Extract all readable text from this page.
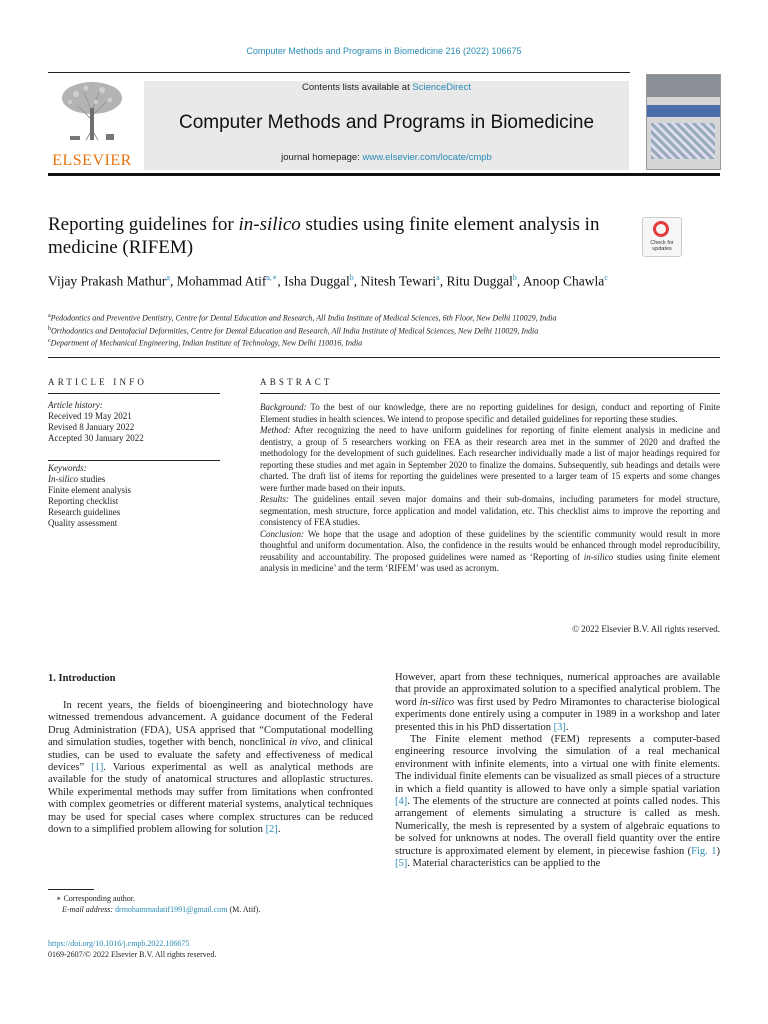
Computer Methods and Programs in Biomedicine 216 (2022) 106675
ELSEVIER
Contents lists available at ScienceDirect
Computer Methods and Programs in Biomedicine
journal homepage: www.elsevier.com/locate/cmpb
Reporting guidelines for in-silico studies using finite element analysis in medicine (RIFEM)	Check for
updates
Vijay Prakash Mathur$^a$, Mohammad Atif$^{a,∗}$, Isha Duggal$^b$, Nitesh Tewari$^a$, Ritu Duggal$^b$, Anoop Chawla$^c$
$^a$Pedodontics and Preventive Dentistry, Centre for Dental Education and Research, All India Institute of Medical Sciences, 6th Floor, New Delhi 110029, India
$^b$Orthodontics and Dentofacial Deformities, Centre for Dental Education and Research, All India Institute of Medical Sciences, New Delhi 110029, India
$^c$Department of Mechanical Engineering, Indian Institute of Technology, New Delhi 110016, India
ARTICLE INFO
Article history:
Received 19 May 2021
Revised 8 January 2022
Accepted 30 January 2022
Keywords:
In-silico studies
Finite element analysis
Reporting checklist
Research guidelines
Quality assessment
ABSTRACT

Background: To the best of our knowledge, there are no reporting guidelines for design, conduct and reporting of Finite Element studies in health sciences. We intend to propose specific and detailed guidelines for reporting these studies.

Method: After recognizing the need to have uniform guidelines for reporting of finite element analysis in medicine and dentistry, a group of 5 researchers working on FEA as their research area met in the summer of 2020 and drafted the methodology for the development of such guidelines. Each researcher individually made a list of major headings required for reporting these studies and met again in September 2020 to finalize the domains. Subsequently, sub headings and details were charted. The draft list of items for reporting the guidelines were presented to a larger team of 15 experts and some changes were further made based on their inputs.

Results: The guidelines entail seven major domains and their sub-domains, including parameters for model structure, segmentation, mesh structure, force application and model validation, etc. This checklist aims to improve the reporting and consistency of FEA studies.

Conclusion: We hope that the usage and adoption of these guidelines by the scientific community would result in more thoughtful and uniform documentation. Also, the confidence in the results would be enhanced through model reproducibility, reusability and accountability. The proposed guidelines were named as ‘Reporting of in-silico studies using finite element analysis in medicine’ and the term ‘RIFEM’ was used as acronym.

© 2022 Elsevier B.V. All rights reserved.
1. Introduction

In recent years, the fields of bioengineering and biotechnology have witnessed tremendous advancement. A guidance document of the Federal Drug Administration (FDA), USA apprised that “Computational modelling and simulation studies, together with bench, nonclinical in vivo, and clinical studies, can be used to evaluate the safety and effectiveness of medical devices” [1]. Various experimental as well as analytical methods are available for the study of anatomical structures and alloplastic structures. While experimental methods may suffer from limitations when confronted with complex geometries or different material systems, analytical techniques may be used for special cases where complex structures can be reduced down to a simplified problem allowing for solution [2].

However, apart from these techniques, numerical approaches are available that provide an approximated solution to a specified analytical problem. The word in-silico was first used by Pedro Miramontes to characterise biological experiments done entirely using a computer in 1989 in a workshop and later presented this in his PhD dissertation [3].

The Finite element method (FEM) represents a computer-based engineering resource involving the simulation of a real mechanical environment with infinite elements, into a virtual one with finite elements. The individual finite elements can be visualized as small pieces of a structure in which a field quantity is allowed to have only a simple spatial variation [4]. The elements of the structure are connected at points called nodes. This arrangement of elements simulating a structure is called as mesh. Numerically, the mesh is represented by a system of algebraic equations to be solved for unknowns at nodes. The overall field quantity over the entire structure is approximated element by element, in piecewise fashion (Fig. 1) [5]. Material characteristics can be applied to the

∗ Corresponding author.
E-mail address: drmohammadatif1991@gmail.com (M. Atif).
https://doi.org/10.1016/j.cmpb.2022.106675
0169-2607/© 2022 Elsevier B.V. All rights reserved.
